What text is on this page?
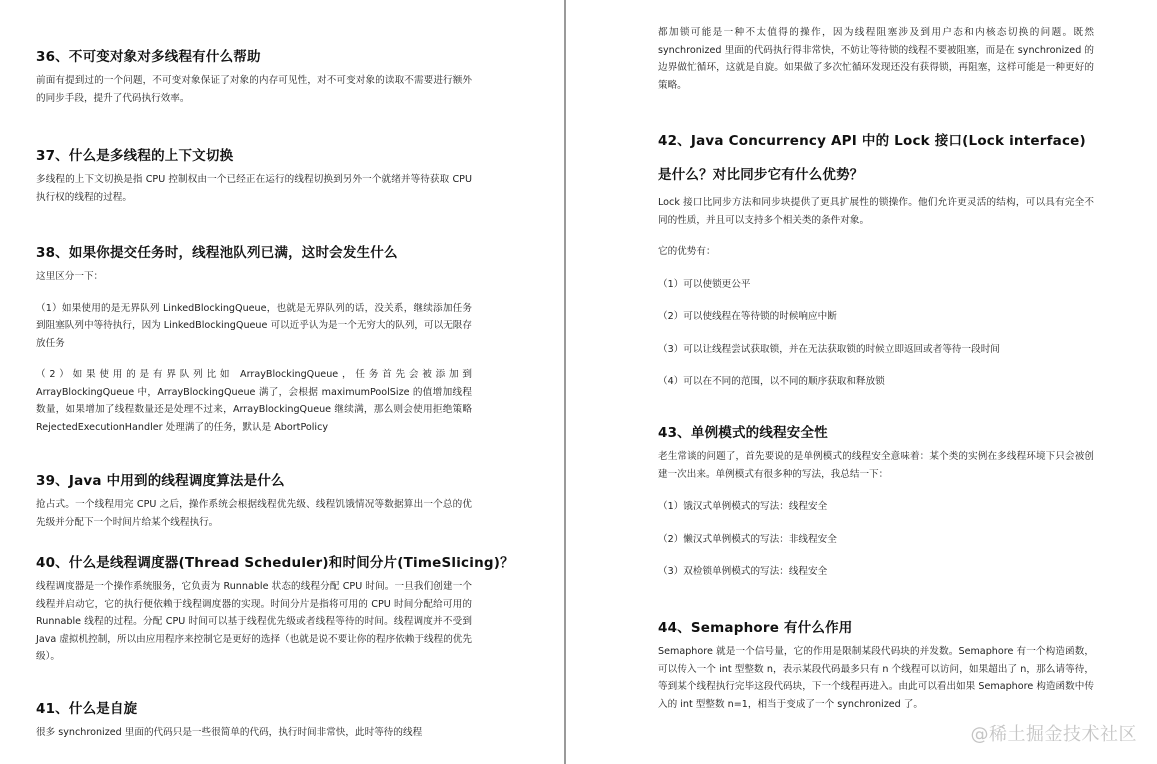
36、不可变对象对多线程有什么帮助

前面有提到过的一个问题，不可变对象保证了对象的内存可见性，对不可变对象的读取不需要进行额外的同步手段，提升了代码执行效率。

37、什么是多线程的上下文切换

多线程的上下文切换是指 CPU 控制权由一个已经正在运行的线程切换到另外一个就绪并等待获取 CPU 执行权的线程的过程。

38、如果你提交任务时，线程池队列已满，这时会发生什么

这里区分一下：

（1）如果使用的是无界队列 LinkedBlockingQueue，也就是无界队列的话，没关系，继续添加任务到阻塞队列中等待执行，因为 LinkedBlockingQueue 可以近乎认为是一个无穷大的队列，可以无限存放任务

（2）如果使用的是有界队列比如 ArrayBlockingQueue，任务首先会被添加到 ArrayBlockingQueue 中，ArrayBlockingQueue 满了，会根据 maximumPoolSize 的值增加线程数量，如果增加了线程数量还是处理不过来，ArrayBlockingQueue 继续满，那么则会使用拒绝策略 RejectedExecutionHandler 处理满了的任务，默认是 AbortPolicy

39、Java 中用到的线程调度算法是什么

抢占式。一个线程用完 CPU 之后，操作系统会根据线程优先级、线程饥饿情况等数据算出一个总的优先级并分配下一个时间片给某个线程执行。

40、什么是线程调度器(Thread Scheduler)和时间分片(TimeSlicing)？

线程调度器是一个操作系统服务，它负责为 Runnable 状态的线程分配 CPU 时间。一旦我们创建一个线程并启动它，它的执行便依赖于线程调度器的实现。时间分片是指将可用的 CPU 时间分配给可用的 Runnable 线程的过程。分配 CPU 时间可以基于线程优先级或者线程等待的时间。线程调度并不受到 Java 虚拟机控制，所以由应用程序来控制它是更好的选择（也就是说不要让你的程序依赖于线程的优先级）。

41、什么是自旋

很多 synchronized 里面的代码只是一些很简单的代码，执行时间非常快，此时等待的线程

都加锁可能是一种不太值得的操作，因为线程阻塞涉及到用户态和内核态切换的问题。既然 synchronized 里面的代码执行得非常快，不妨让等待锁的线程不要被阻塞，而是在 synchronized 的边界做忙循环，这就是自旋。如果做了多次忙循环发现还没有获得锁，再阻塞，这样可能是一种更好的策略。

42、Java Concurrency API 中的 Lock 接口(Lock interface)是什么？对比同步它有什么优势？

Lock 接口比同步方法和同步块提供了更具扩展性的锁操作。他们允许更灵活的结构，可以具有完全不同的性质，并且可以支持多个相关类的条件对象。

它的优势有：

（1）可以使锁更公平

（2）可以使线程在等待锁的时候响应中断

（3）可以让线程尝试获取锁，并在无法获取锁的时候立即返回或者等待一段时间

（4）可以在不同的范围，以不同的顺序获取和释放锁

43、单例模式的线程安全性

老生常谈的问题了，首先要说的是单例模式的线程安全意味着：某个类的实例在多线程环境下只会被创建一次出来。单例模式有很多种的写法，我总结一下：

（1）饿汉式单例模式的写法：线程安全

（2）懒汉式单例模式的写法：非线程安全

（3）双检锁单例模式的写法：线程安全

44、Semaphore 有什么作用

Semaphore 就是一个信号量，它的作用是限制某段代码块的并发数。Semaphore 有一个构造函数，可以传入一个 int 型整数 n，表示某段代码最多只有 n 个线程可以访问，如果超出了 n，那么请等待，等到某个线程执行完毕这段代码块，下一个线程再进入。由此可以看出如果 Semaphore 构造函数中传入的 int 型整数 n=1，相当于变成了一个 synchronized 了。

@稀土掘金技术社区
